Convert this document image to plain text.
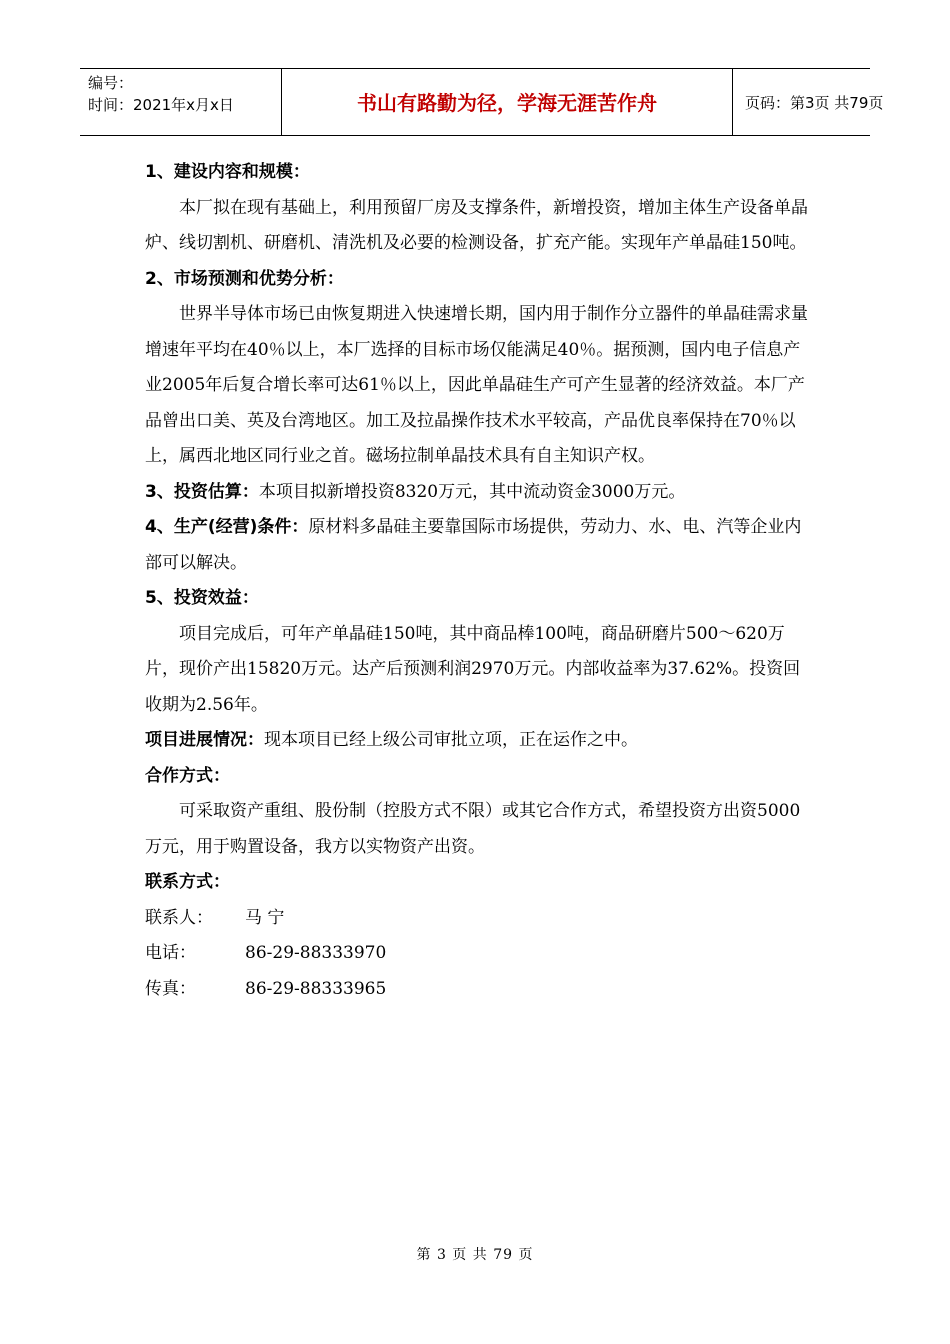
编号：
时间：2021年x月x日	书山有路勤为径，学海无涯苦作舟	页码：第3页 共79页

1、建设内容和规模：

本厂拟在现有基础上，利用预留厂房及支撑条件，新增投资，增加主体生产设备单晶炉、线切割机、研磨机、清洗机及必要的检测设备，扩充产能。实现年产单晶硅150吨。

2、市场预测和优势分析：

世界半导体市场已由恢复期进入快速增长期，国内用于制作分立器件的单晶硅需求量增速年平均在40％以上，本厂选择的目标市场仅能满足40％。据预测，国内电子信息产业2005年后复合增长率可达61％以上，因此单晶硅生产可产生显著的经济效益。本厂产品曾出口美、英及台湾地区。加工及拉晶操作技术水平较高，产品优良率保持在70％以上，属西北地区同行业之首。磁场拉制单晶技术具有自主知识产权。

3、投资估算：本项目拟新增投资8320万元，其中流动资金3000万元。

4、生产(经营)条件：原材料多晶硅主要靠国际市场提供，劳动力、水、电、汽等企业内部可以解决。

5、投资效益：

项目完成后，可年产单晶硅150吨，其中商品棒100吨，商品研磨片500～620万片，现价产出15820万元。达产后预测利润2970万元。内部收益率为37.62%。投资回收期为2.56年。

项目进展情况：现本项目已经上级公司审批立项，正在运作之中。

合作方式：

可采取资产重组、股份制（控股方式不限）或其它合作方式，希望投资方出资5000万元，用于购置设备，我方以实物资产出资。

联系方式：

联系人：	马 宁

电话：	86-29-88333970

传真：	86-29-88333965

第 3 页 共 79 页
